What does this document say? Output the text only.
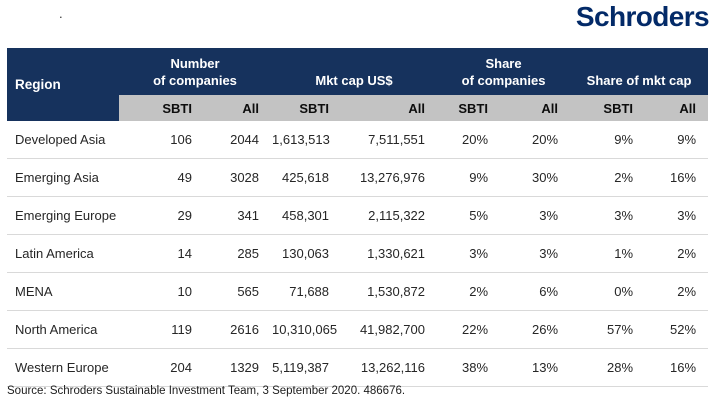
.	Schroders
Region	
Number
of companies	Mkt cap US$

Share
of companies	Share of mkt cap

	SBTI	All	SBTI	All	SBTI	All	SBTI	All
Developed Asia	106	2044	1,613,513	7,511,551	20%	20%	9%	9%
Emerging Asia	49	3028	425,618	13,276,976	9%	30%	2%	16%
Emerging Europe	29	341	458,301	2,115,322	5%	3%	3%	3%
Latin America	14	285	130,063	1,330,621	3%	3%	1%	2%
MENA	10	565	71,688	1,530,872	2%	6%	0%	2%
North America	119	2616	10,310,065	41,982,700	22%	26%	57%	52%
Western Europe	204	1329	5,119,387	13,262,116	38%	13%	28%	16%
Source: Schroders Sustainable Investment Team, 3 September 2020. 486676.
